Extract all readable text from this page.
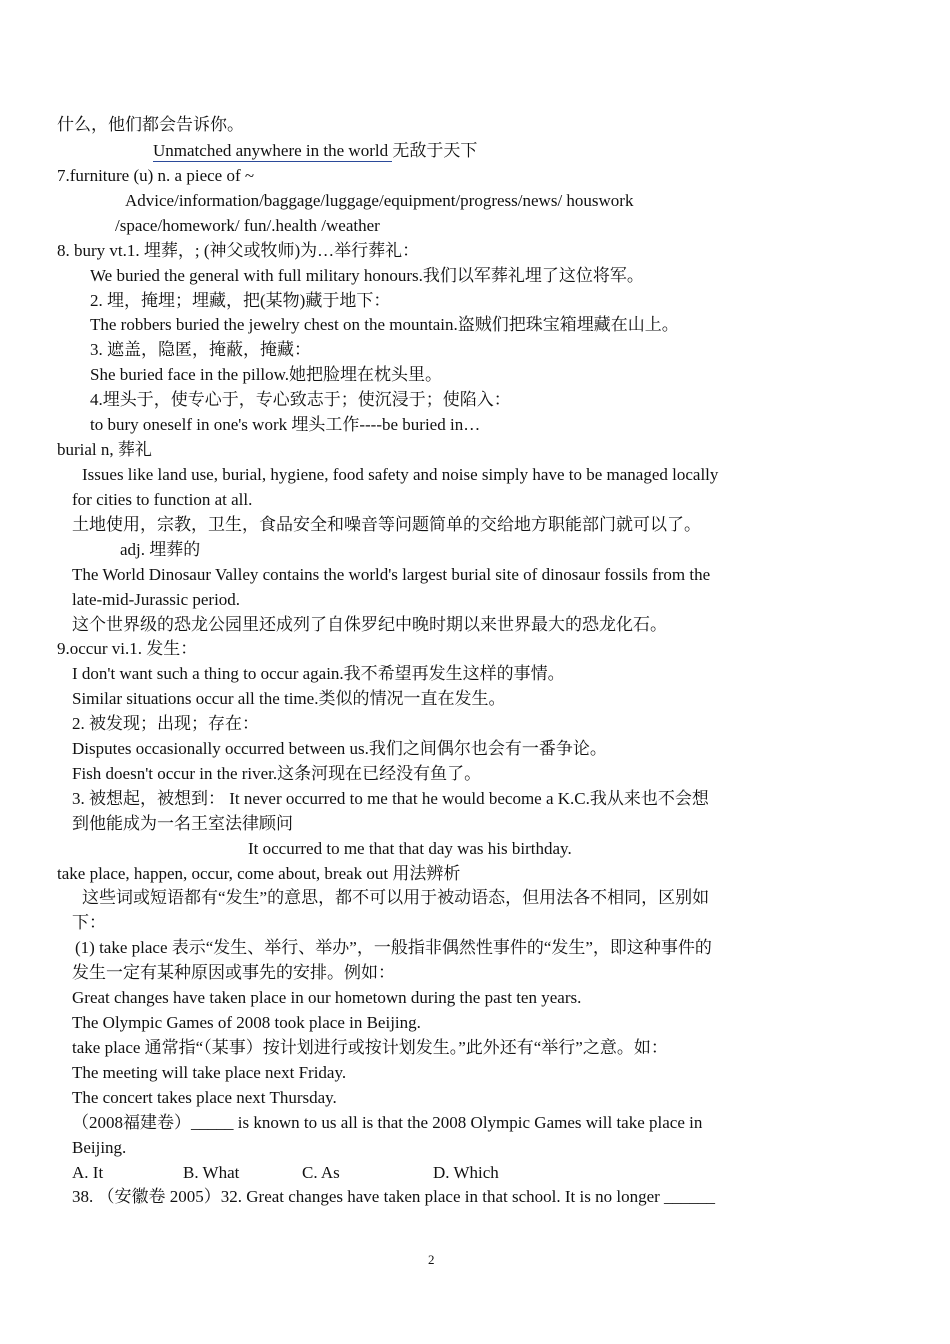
什么，他们都会告诉你。
Unmatched anywhere in the world 无敌于天下
7.furniture (u) n. a piece of ~
Advice/information/baggage/luggage/equipment/progress/news/ houswork
/space/homework/ fun/.health /weather
8. bury vt.1. 埋葬，; (神父或牧师)为…举行葬礼：
We buried the general with full military honours.我们以军葬礼埋了这位将军。
2. 埋，掩埋；埋藏，把(某物)藏于地下：
The robbers buried the jewelry chest on the mountain.盗贼们把珠宝箱埋藏在山上。
3. 遮盖，隐匿，掩蔽，掩藏：
She buried face in the pillow.她把脸埋在枕头里。
4.埋头于，使专心于，专心致志于；使沉浸于；使陷入：
to bury oneself in one's work 埋头工作----be buried in…
burial n, 葬礼
Issues like land use, burial, hygiene, food safety and noise simply have to be managed locally
for cities to function at all.
土地使用，宗教，卫生，食品安全和噪音等问题简单的交给地方职能部门就可以了。
adj. 埋葬的
The World Dinosaur Valley contains the world's largest burial site of dinosaur fossils from the
late-mid-Jurassic period.
这个世界级的恐龙公园里还成列了自侏罗纪中晚时期以来世界最大的恐龙化石。
9.occur vi.1. 发生：
I don't want such a thing to occur again.我不希望再发生这样的事情。
Similar situations occur all the time.类似的情况一直在发生。
2. 被发现；出现；存在：
Disputes occasionally occurred between us.我们之间偶尔也会有一番争论。
Fish doesn't occur in the river.这条河现在已经没有鱼了。
3. 被想起，被想到： It never occurred to me that he would become a K.C.我从来也不会想
到他能成为一名王室法律顾问
It occurred to me that that day was his birthday.
take place, happen, occur, come about, break out 用法辨析
这些词或短语都有“发生”的意思，都不可以用于被动语态，但用法各不相同，区别如
下：
(1) take place 表示“发生、举行、举办”，一般指非偶然性事件的“发生”，即这种事件的
发生一定有某种原因或事先的安排。例如：
Great changes have taken place in our hometown during the past ten years.
The Olympic Games of 2008 took place in Beijing.
take place 通常指“（某事）按计划进行或按计划发生。”此外还有“举行”之意。如：
The meeting will take place next Friday.
The concert takes place next Thursday.
（2008福建卷）_____ is known to us all is that the 2008 Olympic Games will take place in
Beijing.
A. It	B. What	C. As	D. Which
38. （安徽卷 2005）32. Great changes have taken place in that school. It is no longer ______
2
